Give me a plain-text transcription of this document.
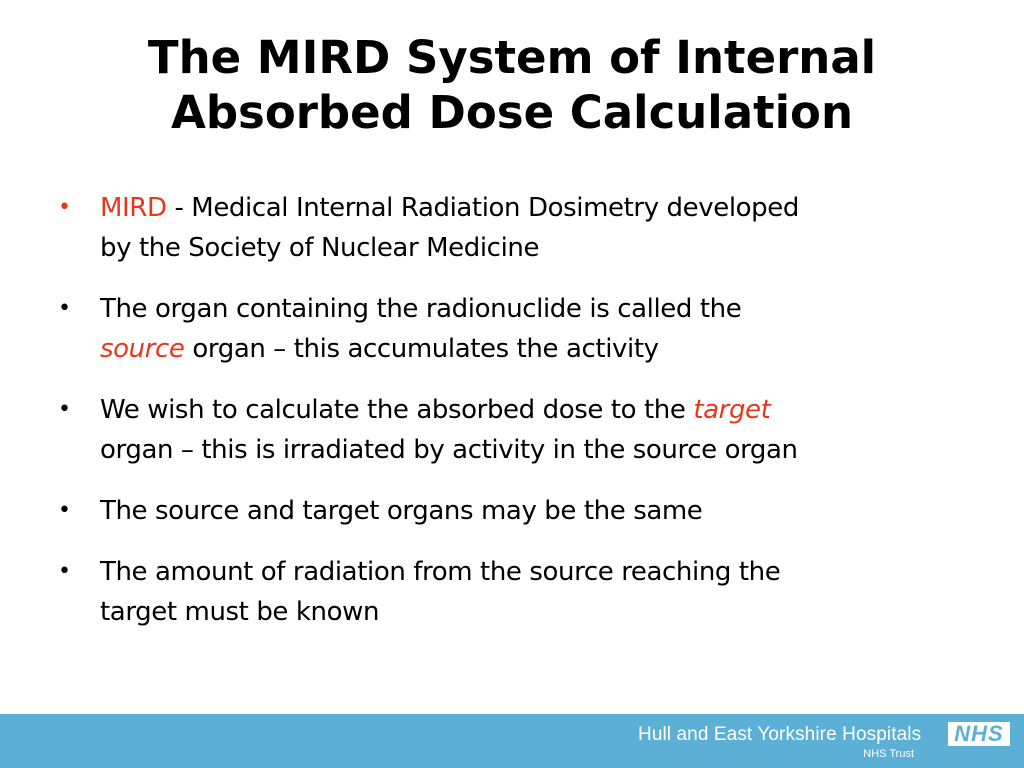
The MIRD System of Internal
Absorbed Dose Calculation
• MIRD - Medical Internal Radiation Dosimetry developed
by the Society of Nuclear Medicine
• The organ containing the radionuclide is called the
source organ – this accumulates the activity
• We wish to calculate the absorbed dose to the target
organ – this is irradiated by activity in the source organ
• The source and target organs may be the same
• The amount of radiation from the source reaching the
target must be known
Hull and East Yorkshire Hospitals
NHS Trust
NHS
